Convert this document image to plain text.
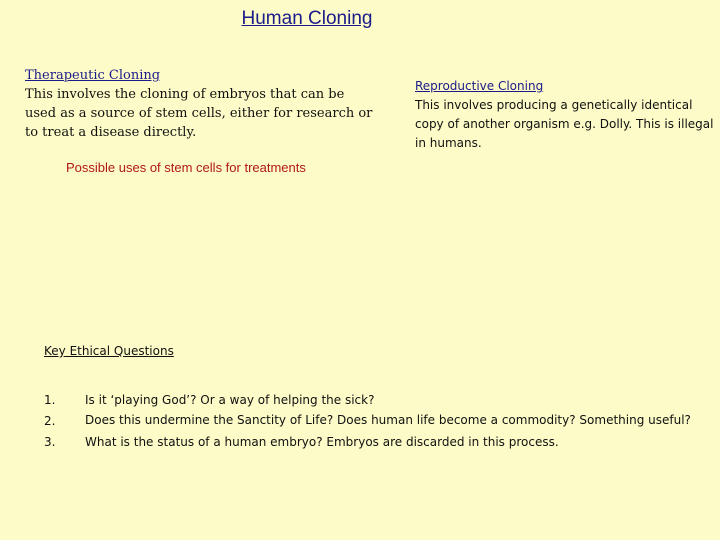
Human Cloning
Therapeutic Cloning
This involves the cloning of embryos that can be used as a source of stem cells, either for research or to treat a disease directly.
Reproductive Cloning
This involves producing a genetically identical copy of another organism e.g. Dolly. This is illegal in humans.
Possible uses of stem cells for treatments
Key Ethical Questions
1.	Is it ‘playing God’? Or a way of helping the sick?
2.	Does this undermine the Sanctity of Life? Does human life become a commodity? Something useful?
3.	What is the status of a human embryo? Embryos are discarded in this process.
